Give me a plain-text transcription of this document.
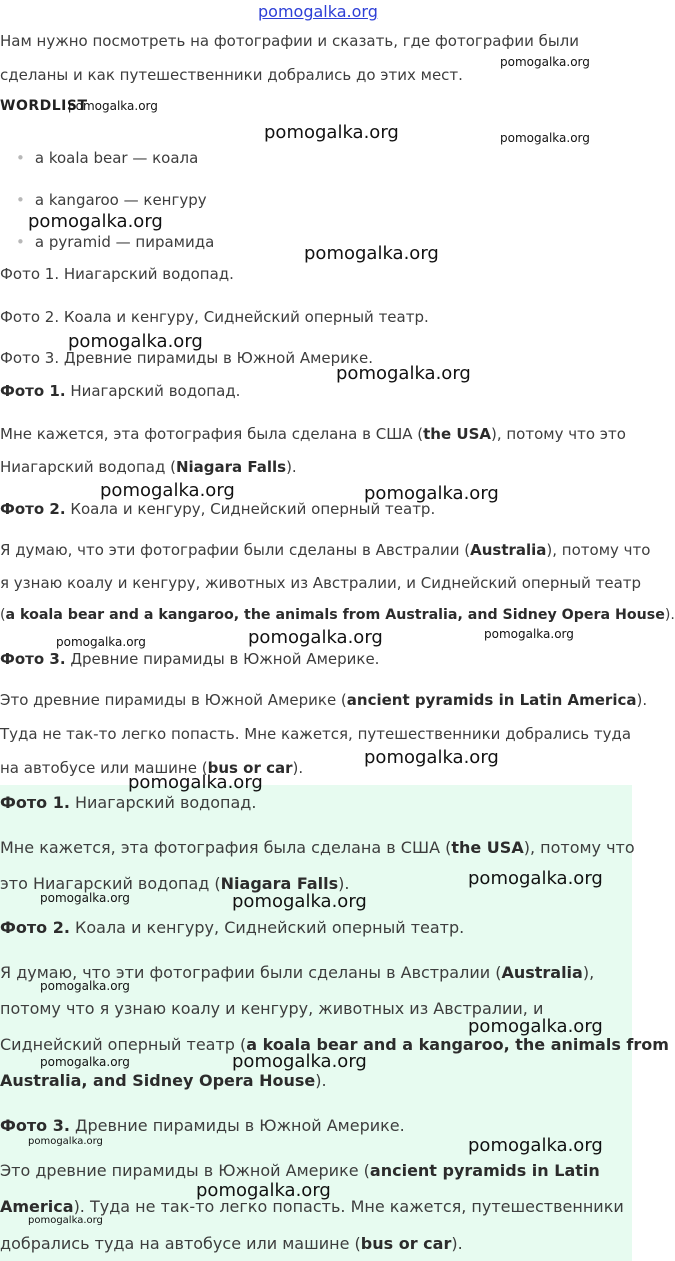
pomogalka.org
Нам нужно посмотреть на фотографии и сказать, где фотографии были
сделаны и как путешественники добрались до этих мест.
WORDLIST
• a koala bear — коала
• a kangaroo — кенгуру
• a pyramid — пирамида
Фото 1. Ниагарский водопад.
Фото 2. Коала и кенгуру, Сиднейский оперный театр.
Фото 3. Древние пирамиды в Южной Америке.
Фото 1. Ниагарский водопад.
Мне кажется, эта фотография была сделана в США (the USA), потому что это
Ниагарский водопад (Niagara Falls).
Фото 2. Коала и кенгуру, Сиднейский оперный театр.
Я думаю, что эти фотографии были сделаны в Австралии (Australia), потому что
я узнаю коалу и кенгуру, животных из Австралии, и Сиднейский оперный театр
(a koala bear and a kangaroo, the animals from Australia, and Sidney Opera House).
Фото 3. Древние пирамиды в Южной Америке.
Это древние пирамиды в Южной Америке (ancient pyramids in Latin America).
Туда не так-то легко попасть. Мне кажется, путешественники добрались туда
на автобусе или машине (bus or car).
Фото 1. Ниагарский водопад.
Мне кажется, эта фотография была сделана в США (the USA), потому что
это Ниагарский водопад (Niagara Falls).
Фото 2. Коала и кенгуру, Сиднейский оперный театр.
Я думаю, что эти фотографии были сделаны в Австралии (Australia),
потому что я узнаю коалу и кенгуру, животных из Австралии, и
Сиднейский оперный театр (a koala bear and a kangaroo, the animals from
Australia, and Sidney Opera House).
Фото 3. Древние пирамиды в Южной Америке.
Это древние пирамиды в Южной Америке (ancient pyramids in Latin
America). Туда не так-то легко попасть. Мне кажется, путешественники
добрались туда на автобусе или машине (bus or car).
pomogalka.org
pomogalka.org
pomogalka.org	pomogalka.org
pomogalka.org
pomogalka.org
pomogalka.org
pomogalka.org
pomogalka.org	pomogalka.org
pomogalka.org	pomogalka.org	pomogalka.org
pomogalka.org
pomogalka.org
pomogalka.org
pomogalka.org	pomogalka.org
pomogalka.org
pomogalka.org
pomogalka.org	pomogalka.org
pomogalka.org	pomogalka.org
pomogalka.org
pomogalka.org
